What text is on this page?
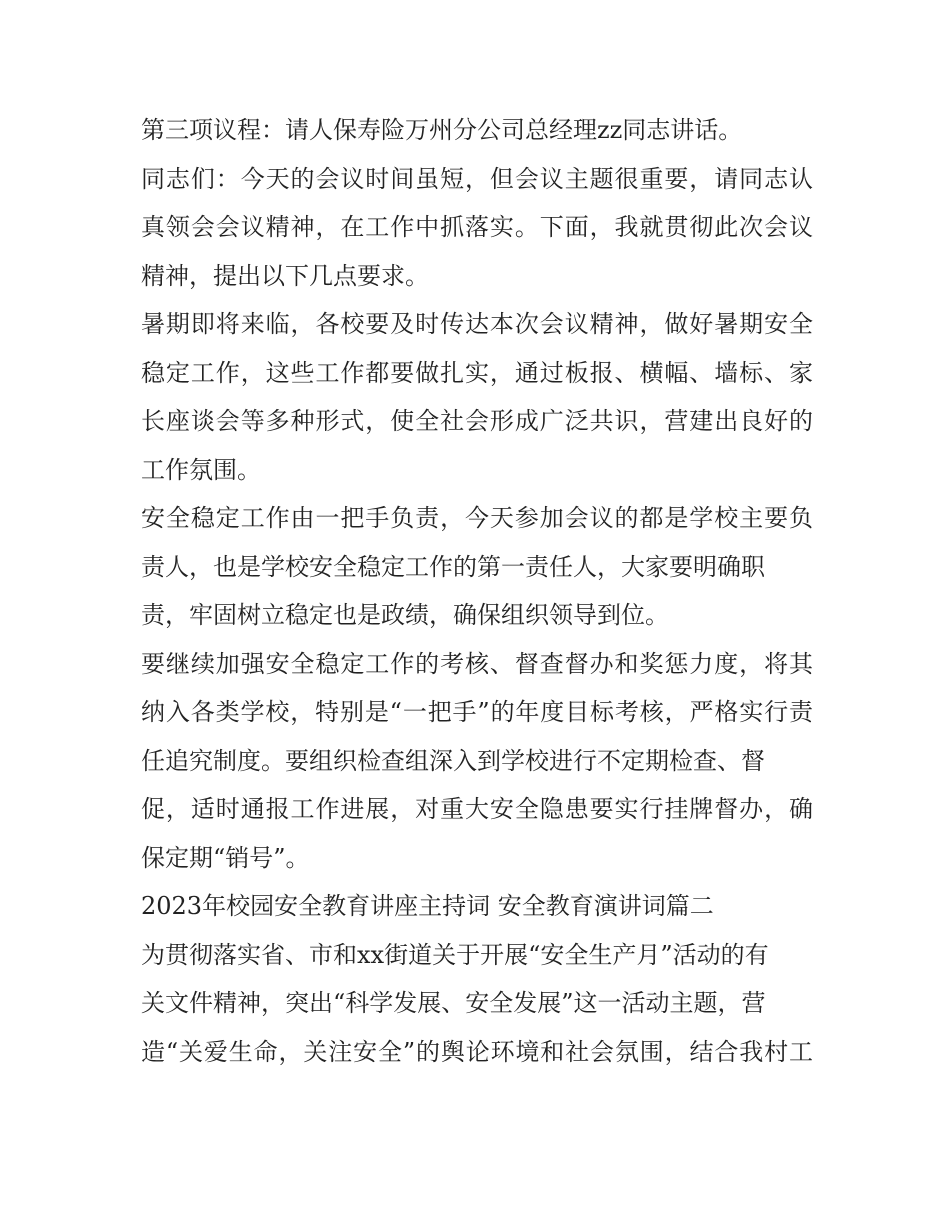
第三项议程：请人保寿险万州分公司总经理zz同志讲话。
同志们：今天的会议时间虽短，但会议主题很重要，请同志认
真领会会议精神，在工作中抓落实。下面，我就贯彻此次会议
精神，提出以下几点要求。
暑期即将来临，各校要及时传达本次会议精神，做好暑期安全
稳定工作，这些工作都要做扎实，通过板报、横幅、墙标、家
长座谈会等多种形式，使全社会形成广泛共识，营建出良好的
工作氛围。
安全稳定工作由一把手负责，今天参加会议的都是学校主要负
责人，也是学校安全稳定工作的第一责任人，大家要明确职
责，牢固树立稳定也是政绩，确保组织领导到位。
要继续加强安全稳定工作的考核、督查督办和奖惩力度，将其
纳入各类学校，特别是“一把手”的年度目标考核，严格实行责
任追究制度。要组织检查组深入到学校进行不定期检查、督
促，适时通报工作进展，对重大安全隐患要实行挂牌督办，确
保定期“销号”。
2023年校园安全教育讲座主持词 安全教育演讲词篇二
为贯彻落实省、市和xx街道关于开展“安全生产月”活动的有
关文件精神，突出“科学发展、安全发展”这一活动主题，营
造“关爱生命，关注安全”的舆论环境和社会氛围，结合我村工
